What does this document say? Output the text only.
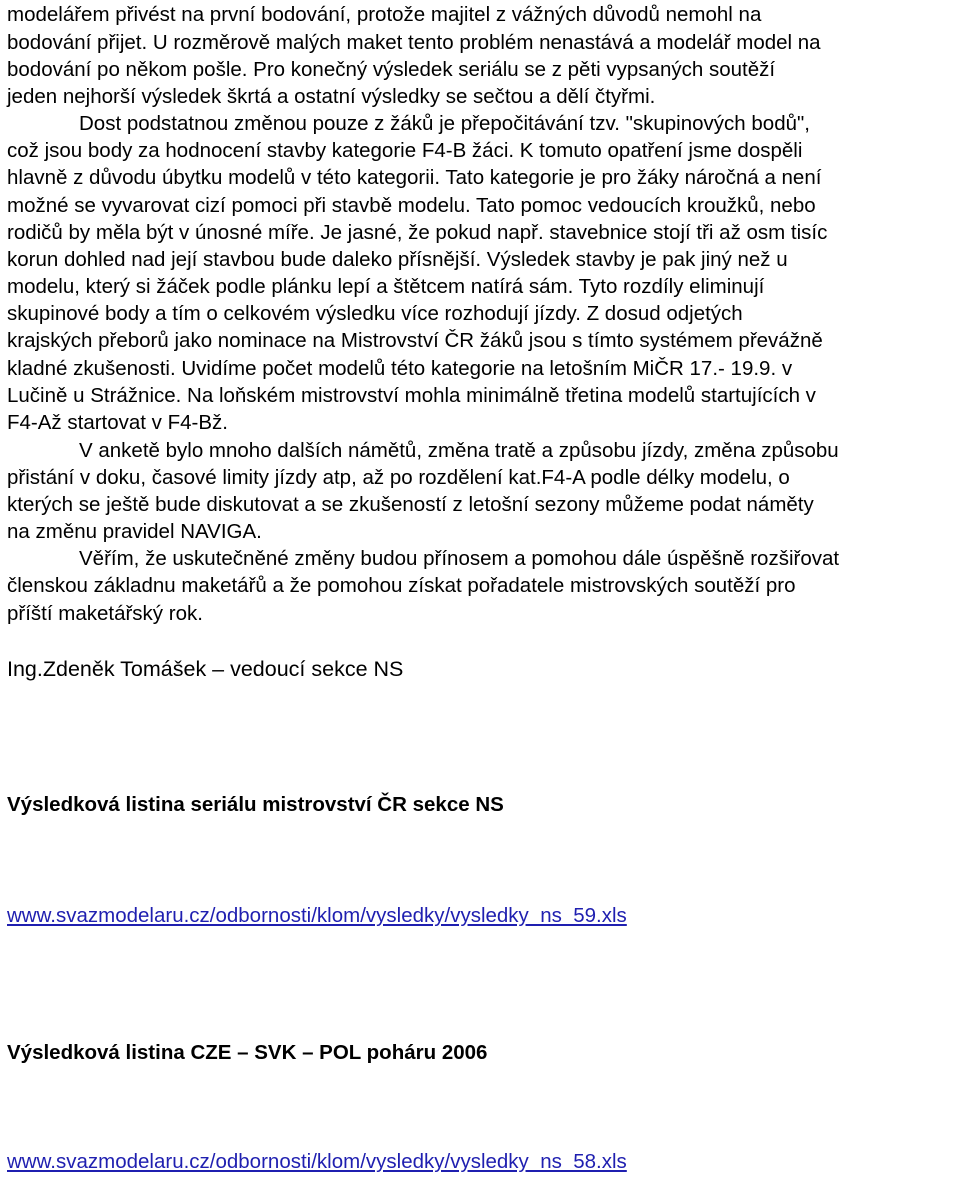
modelářem přivést na první bodování, protože majitel z vážných důvodů nemohl na
bodování přijet. U rozměrově malých maket tento problém nenastává a modelář model na
bodování po někom pošle. Pro konečný výsledek seriálu se z pěti vypsaných soutěží
jeden nejhorší výsledek škrtá a ostatní výsledky se sečtou a dělí čtyřmi.
Dost podstatnou změnou pouze z žáků je přepočitávání tzv. "skupinových bodů",
což jsou body za hodnocení stavby kategorie F4-B žáci. K tomuto opatření jsme dospěli
hlavně z důvodu úbytku modelů v této kategorii. Tato kategorie je pro žáky náročná a není
možné se vyvarovat cizí pomoci při stavbě modelu. Tato pomoc vedoucích kroužků, nebo
rodičů by měla být v únosné míře. Je jasné, že pokud např. stavebnice stojí tři až osm tisíc
korun dohled nad její stavbou bude daleko přísnější. Výsledek stavby je pak jiný než u
modelu, který si žáček podle plánku lepí a štětcem natírá sám. Tyto rozdíly eliminují
skupinové body a tím o celkovém výsledku více rozhodují jízdy. Z dosud odjetých
krajských přeborů jako nominace na Mistrovství ČR žáků jsou s tímto systémem převážně
kladné zkušenosti. Uvidíme počet modelů této kategorie na letošním MiČR 17.- 19.9. v
Lučině u Strážnice. Na loňském mistrovství mohla minimálně třetina modelů startujících v
F4-Až startovat v F4-Bž.
V anketě bylo mnoho dalších námětů, změna tratě a způsobu jízdy, změna způsobu
přistání v doku, časové limity jízdy atp, až po rozdělení kat.F4-A podle délky modelu, o
kterých se ještě bude diskutovat a se zkušeností z letošní sezony můžeme podat náměty
na změnu pravidel NAVIGA.
Věřím, že uskutečněné změny budou přínosem a pomohou dále úspěšně rozšiřovat
členskou základnu maketářů a že pomohou získat pořadatele mistrovských soutěží pro
příští maketářský rok.
Ing.Zdeněk Tomášek – vedoucí sekce NS
Výsledková listina seriálu mistrovství ČR sekce NS
www.svazmodelaru.cz/odbornosti/klom/vysledky/vysledky_ns_59.xls
Výsledková listina CZE – SVK – POL poháru 2006
www.svazmodelaru.cz/odbornosti/klom/vysledky/vysledky_ns_58.xls
